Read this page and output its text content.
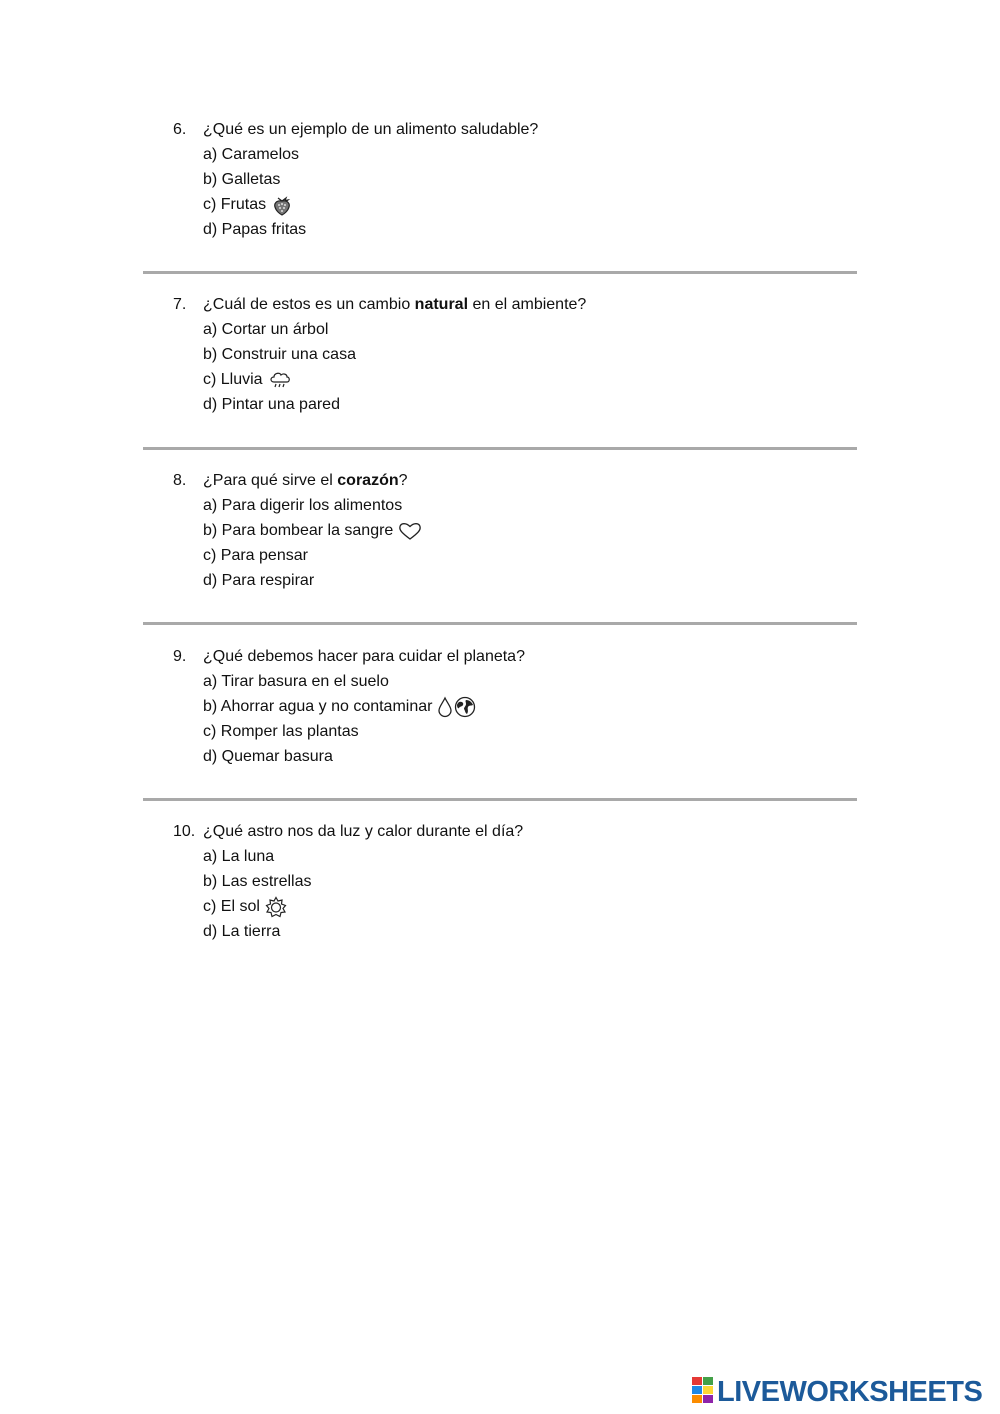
6.	¿Qué es un ejemplo de un alimento saludable?
a) Caramelos
b) Galletas
c) Frutas
d) Papas fritas
7.	¿Cuál de estos es un cambio natural en el ambiente?
a) Cortar un árbol
b) Construir una casa
c) Lluvia
d) Pintar una pared
8.	¿Para qué sirve el corazón?
a) Para digerir los alimentos
b) Para bombear la sangre
c) Para pensar
d) Para respirar
9.	¿Qué debemos hacer para cuidar el planeta?
a) Tirar basura en el suelo
b) Ahorrar agua y no contaminar
c) Romper las plantas
d) Quemar basura
10. ¿Qué astro nos da luz y calor durante el día?
a) La luna
b) Las estrellas
c) El sol
d) La tierra
LIVEWORKSHEETS
